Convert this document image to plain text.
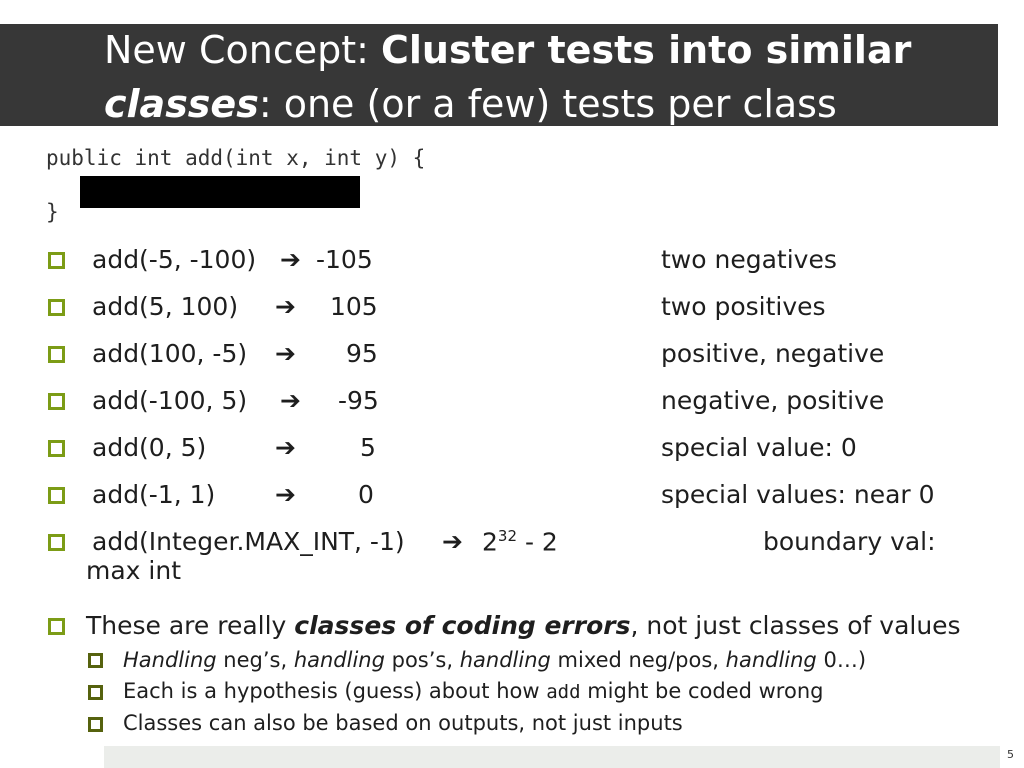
New Concept: Cluster tests into similar
classes: one (or a few) tests per class
public int add(int x, int y) {
}
add(-5, -100) ➔ -105	two negatives
add(5, 100) ➔ 105	two positives
add(100, -5) ➔ 95	positive, negative
add(-100, 5) ➔ -95	negative, positive
add(0, 5)	➔	5	special value: 0
add(-1, 1) ➔ 0	special values: near 0
add(Integer.MAX_INT, -1) ➔ $2^{32} - 2$	boundary val:
max int
These are really classes of coding errors, not just classes of values
Handling neg’s, handling pos’s, handling mixed neg/pos, handling 0…)
Each is a hypothesis (guess) about how add might be coded wrong
Classes can also be based on outputs, not just inputs
5
